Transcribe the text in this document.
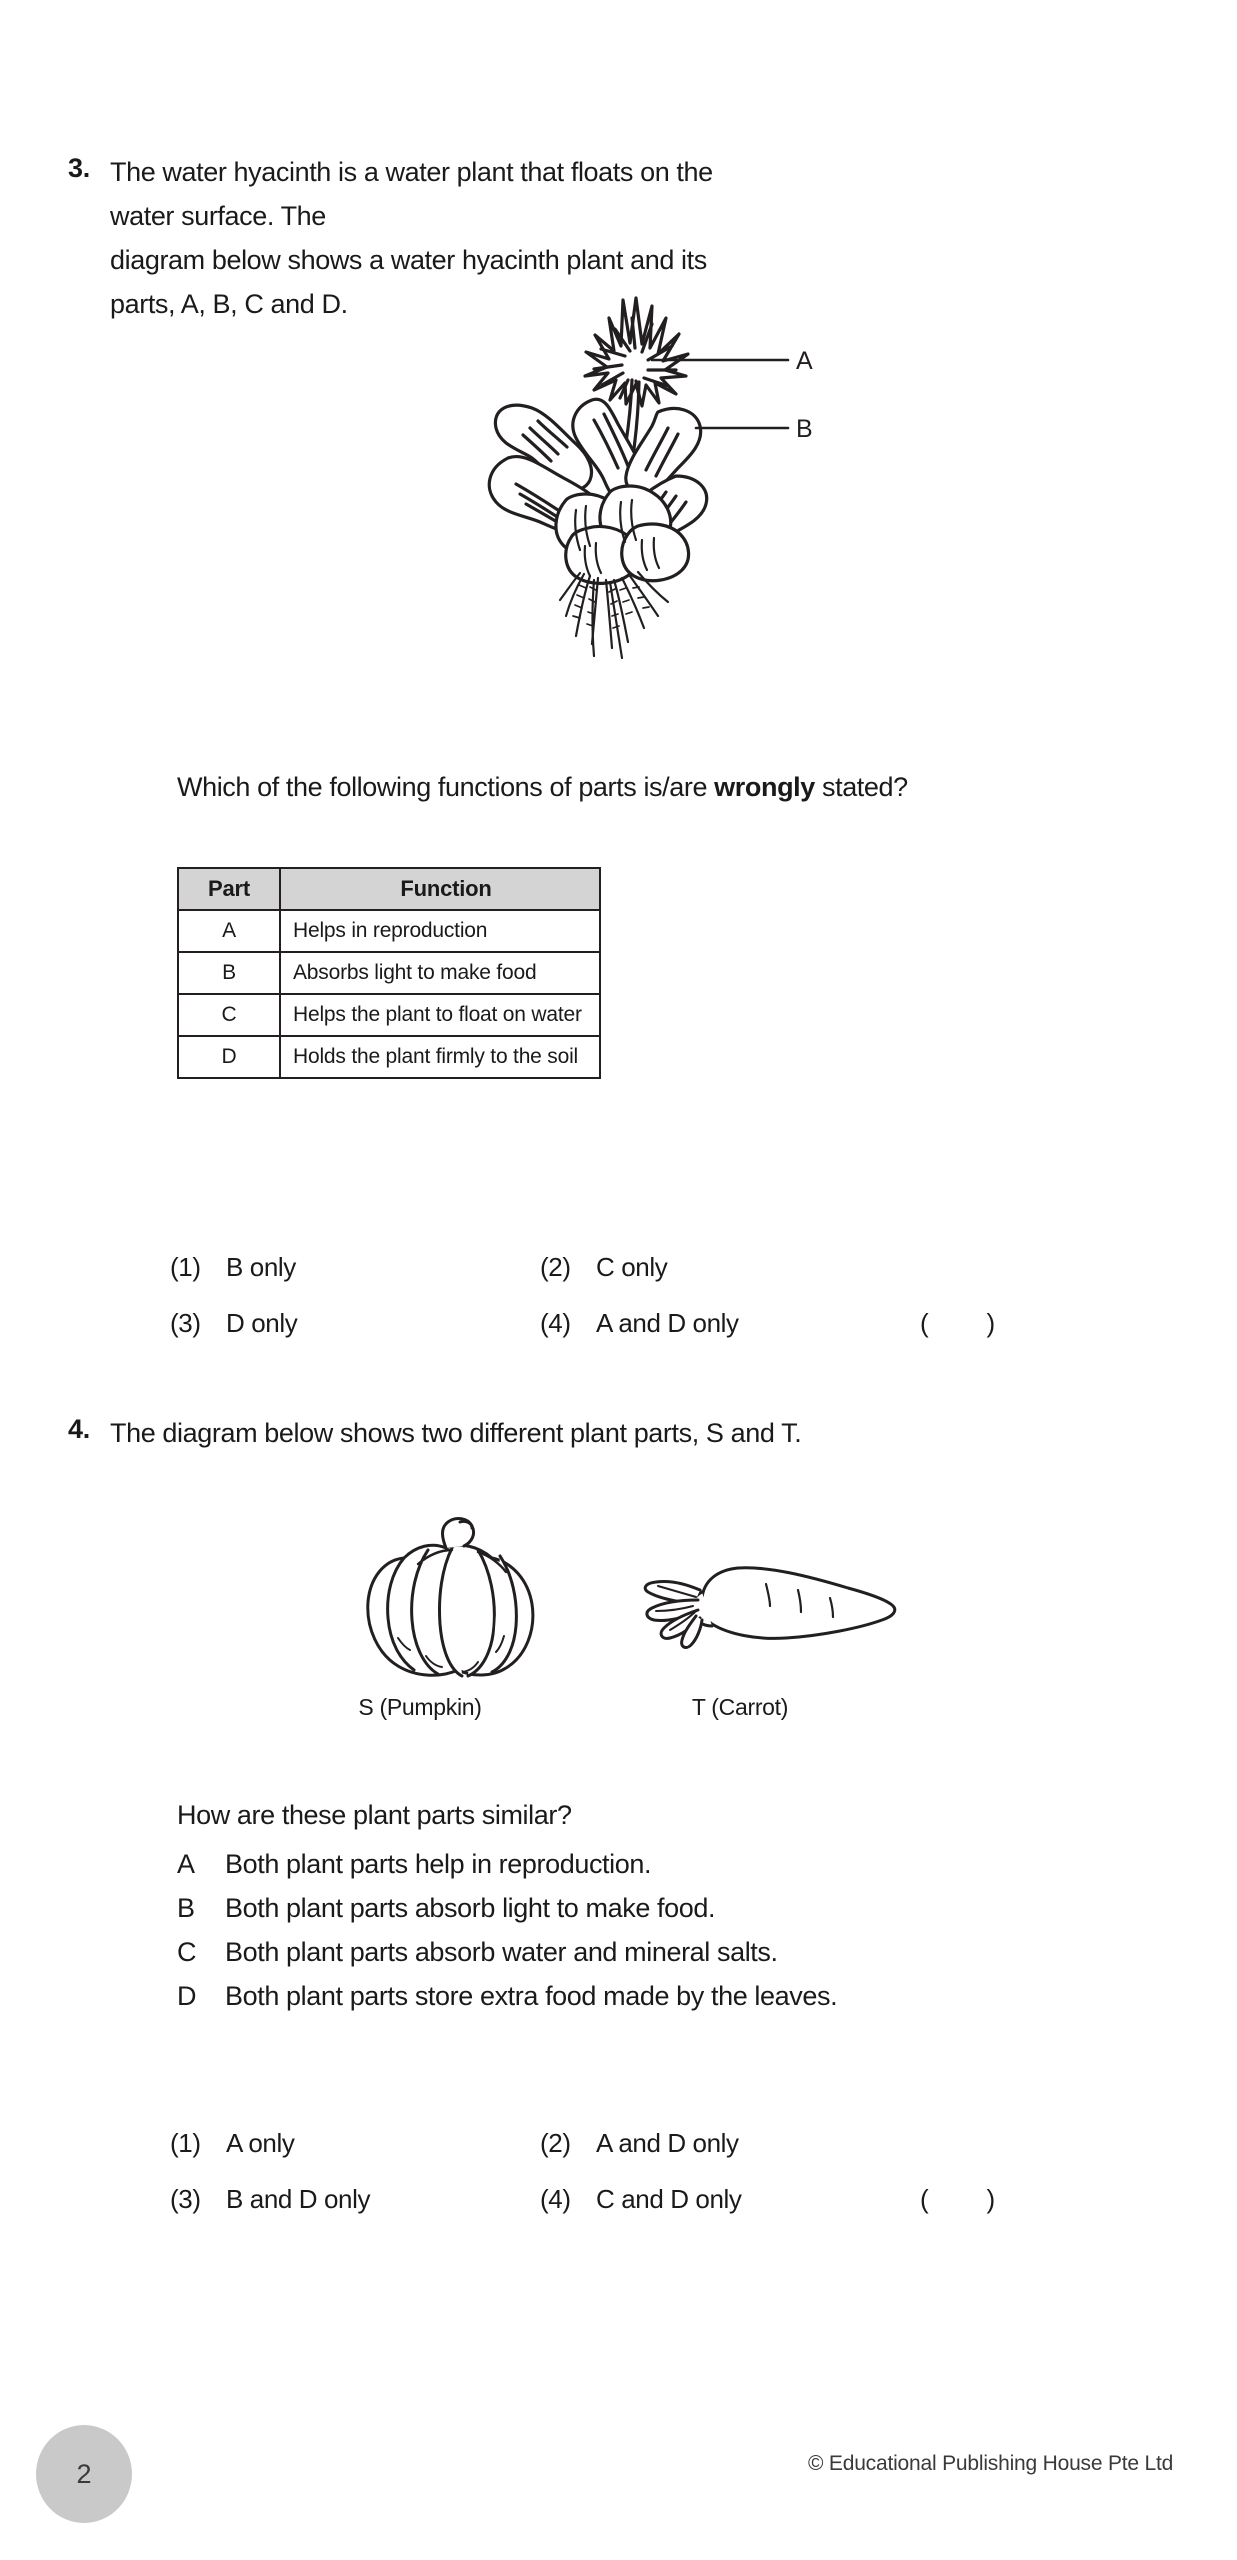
3. The water hyacinth is a water plant that floats on the water surface. The
diagram below shows a water hyacinth plant and its parts, A, B, C and D.
A
B
Which of the following functions of parts is/are wrongly stated?
Part	Function
A	Helps in reproduction
B	Absorbs light to make food
C	Helps the plant to float on water
D	Holds the plant firmly to the soil
(1) B only	(2) C only
(3) D only	(4) A and D only	(        )
4. The diagram below shows two different plant parts, S and T.
S (Pumpkin)	T (Carrot)
How are these plant parts similar?
A	Both plant parts help in reproduction.
B	Both plant parts absorb light to make food.
C	Both plant parts absorb water and mineral salts.
D	Both plant parts store extra food made by the leaves.
(1) A only	(2) A and D only
(3) B and D only	(4) C and D only	(        )
2	© Educational Publishing House Pte Ltd
